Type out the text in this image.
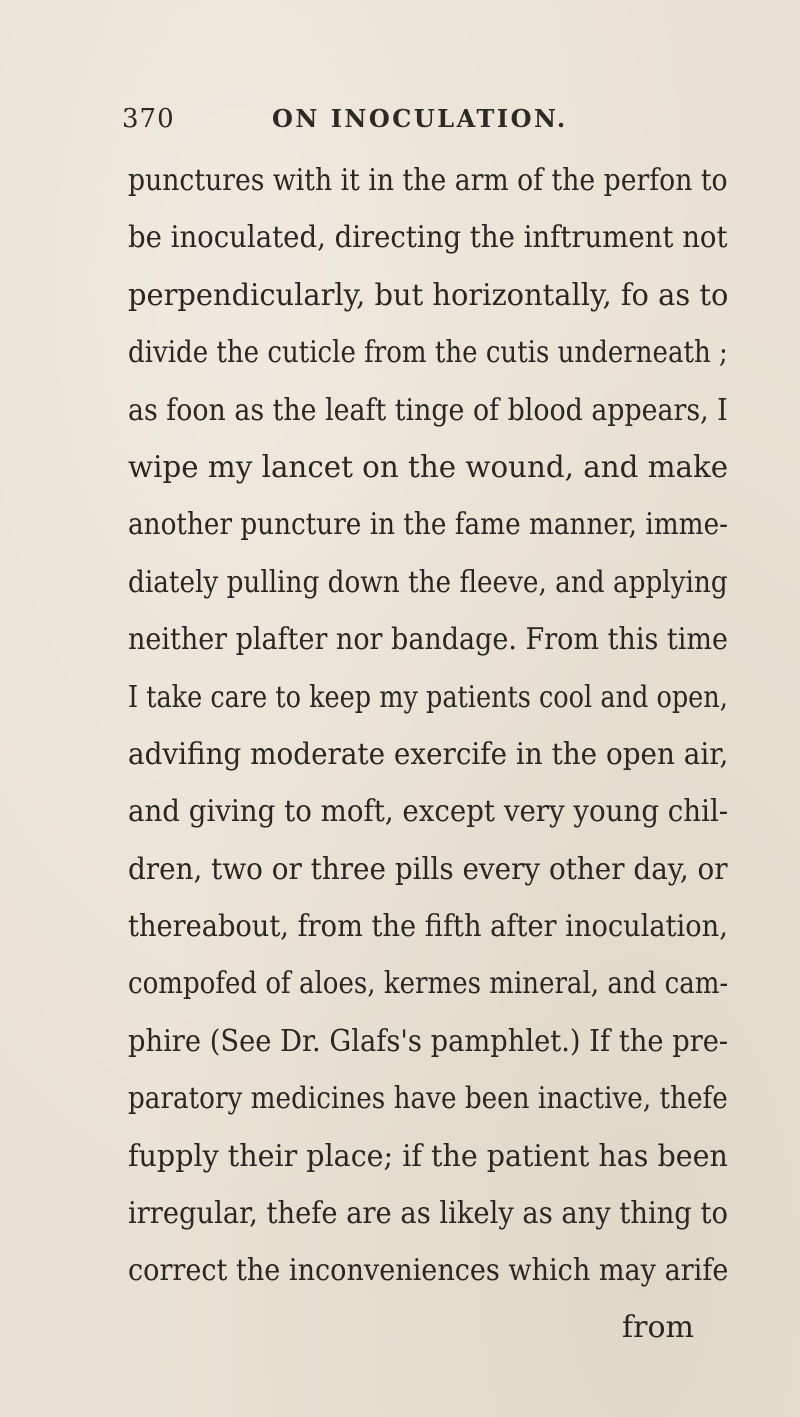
370	ON INOCULATION.
punctures with it in the arm of the perfon to
be inoculated, directing the inftrument not
perpendicularly, but horizontally, fo as to
divide the cuticle from the cutis underneath ;
as foon as the leaft tinge of blood appears, I
wipe my lancet on the wound, and make
another puncture in the fame manner, imme-
diately pulling down the fleeve, and applying
neither plafter nor bandage. From this time
I take care to keep my patients cool and open,
advifing moderate exercife in the open air,
and giving to moft, except very young chil-
dren, two or three pills every other day, or
thereabout, from the fifth after inoculation,
compofed of aloes, kermes mineral, and cam-
phire (See Dr. Glafs's pamphlet.) If the pre-
paratory medicines have been inactive, thefe
fupply their place; if the patient has been
irregular, thefe are as likely as any thing to
correct the inconveniences which may arife
from
